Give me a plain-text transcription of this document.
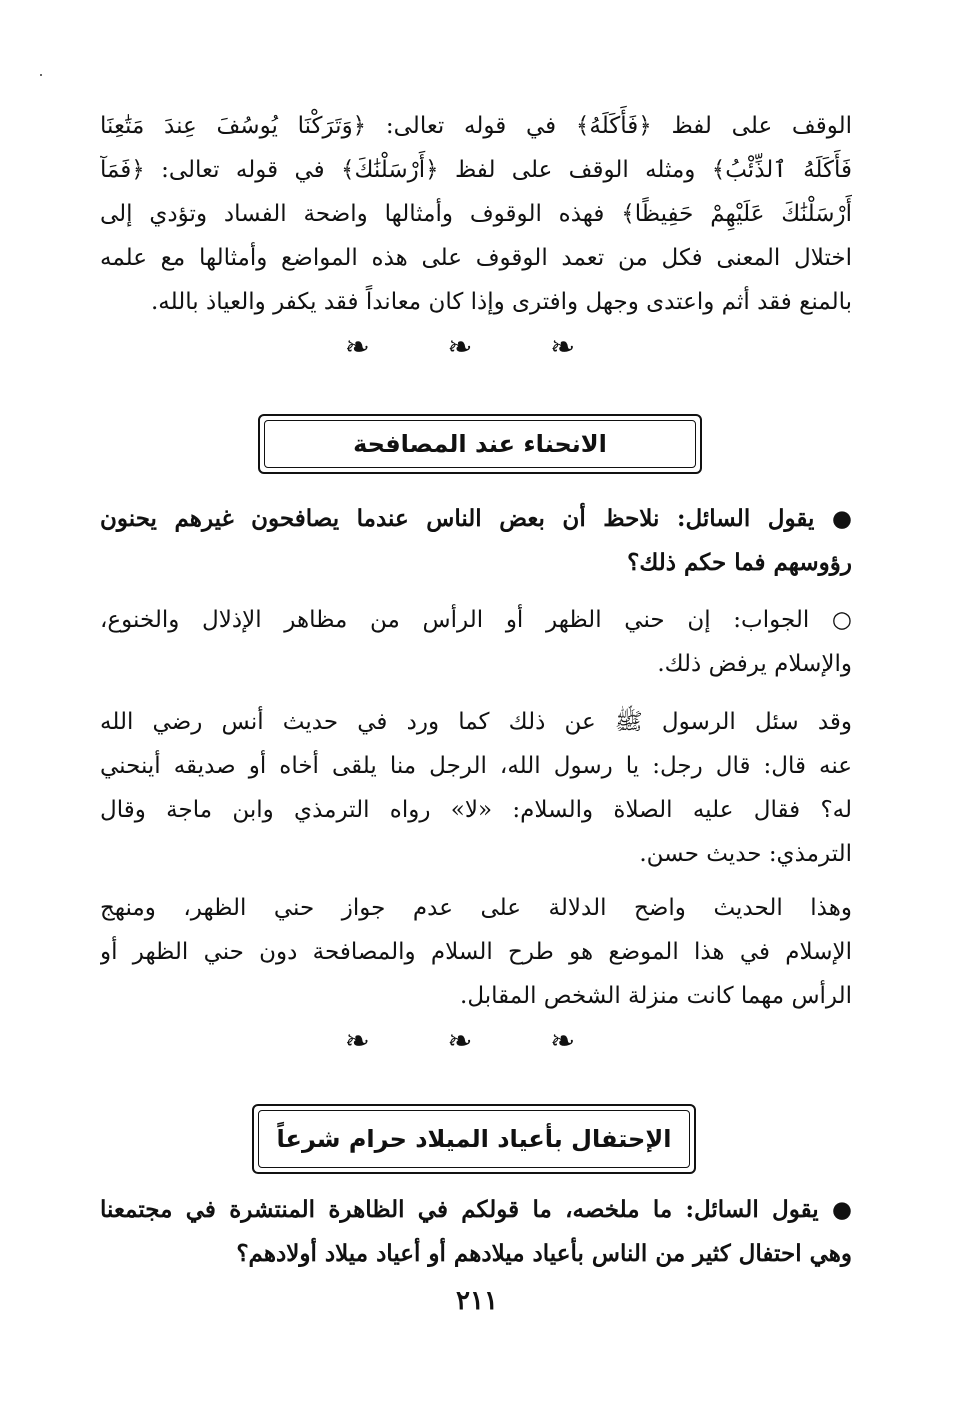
الوقف على لفظ ﴿فَأَكَلَهُ﴾ في قوله تعالى: ﴿وَتَرَكْنَا يُوسُفَ عِندَ مَتَٰعِنَا
فَأَكَلَهُ ٱلذِّئْبُ﴾ ومثله الوقف على لفظ ﴿أَرْسَلْنَٰكَ﴾ في قوله تعالى: ﴿فَمَآ
أَرْسَلْنَٰكَ عَلَيْهِمْ حَفِيظًا﴾ فهذه الوقوف وأمثالها واضحة الفساد وتؤدي إلى
اختلال المعنى فكل من تعمد الوقوف على هذه المواضع وأمثالها مع علمه
بالمنع فقد أثم واعتدى وجهل وافترى وإذا كان معانداً فقد يكفر والعياذ بالله.
❧ ❧ ❧
الانحناء عند المصافحة
● يقول السائل: نلاحظ أن بعض الناس عندما يصافحون غيرهم يحنون
رؤوسهم فما حكم ذلك؟
○ الجواب: إن حني الظهر أو الرأس من مظاهر الإذلال والخنوع،
والإسلام يرفض ذلك.
وقد سئل الرسول ﷺ عن ذلك كما ورد في حديث أنس رضي الله
عنه قال: قال رجل: يا رسول الله، الرجل منا يلقى أخاه أو صديقه أينحني
له؟ فقال عليه الصلاة والسلام: «لا» رواه الترمذي وابن ماجة وقال
الترمذي: حديث حسن.
وهذا الحديث واضح الدلالة على عدم جواز حني الظهر، ومنهج
الإسلام في هذا الموضع هو طرح السلام والمصافحة دون حني الظهر أو
الرأس مهما كانت منزلة الشخص المقابل.
❧ ❧ ❧
الإحتفال بأعياد الميلاد حرام شرعاً
● يقول السائل: ما ملخصه، ما قولكم في الظاهرة المنتشرة في مجتمعنا
وهي احتفال كثير من الناس بأعياد ميلادهم أو أعياد ميلاد أولادهم؟
٢١١
